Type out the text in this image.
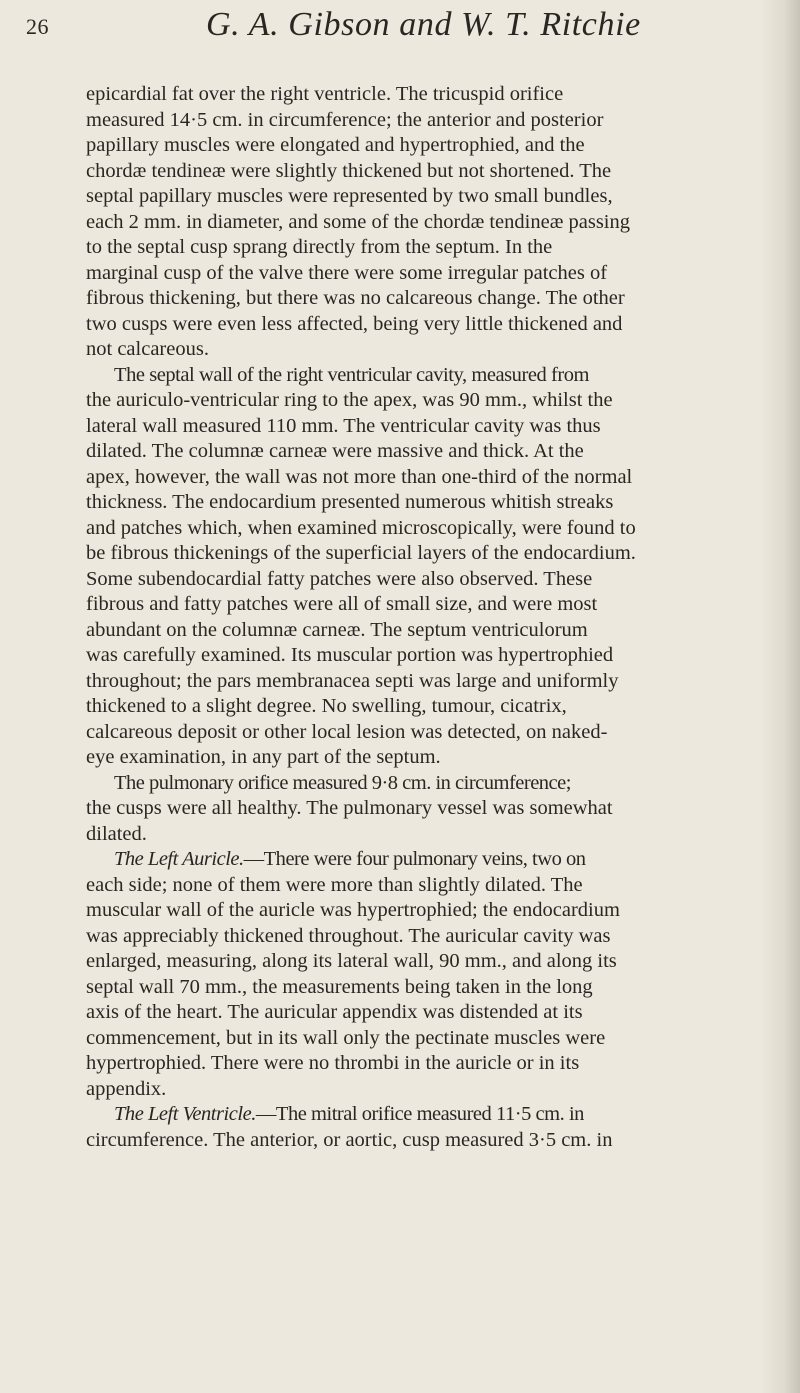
26	G. A. Gibson and W. T. Ritchie
epicardial fat over the right ventricle. The tricuspid orifice
measured 14·5 cm. in circumference; the anterior and posterior
papillary muscles were elongated and hypertrophied, and the
chordæ tendineæ were slightly thickened but not shortened. The
septal papillary muscles were represented by two small bundles,
each 2 mm. in diameter, and some of the chordæ tendineæ passing
to the septal cusp sprang directly from the septum. In the
marginal cusp of the valve there were some irregular patches of
fibrous thickening, but there was no calcareous change. The other
two cusps were even less affected, being very little thickened and
not calcareous.
The septal wall of the right ventricular cavity, measured from
the auriculo-ventricular ring to the apex, was 90 mm., whilst the
lateral wall measured 110 mm. The ventricular cavity was thus
dilated. The columnæ carneæ were massive and thick. At the
apex, however, the wall was not more than one-third of the normal
thickness. The endocardium presented numerous whitish streaks
and patches which, when examined microscopically, were found to
be fibrous thickenings of the superficial layers of the endocardium.
Some subendocardial fatty patches were also observed. These
fibrous and fatty patches were all of small size, and were most
abundant on the columnæ carneæ. The septum ventriculorum
was carefully examined. Its muscular portion was hypertrophied
throughout; the pars membranacea septi was large and uniformly
thickened to a slight degree. No swelling, tumour, cicatrix,
calcareous deposit or other local lesion was detected, on naked-
eye examination, in any part of the septum.
The pulmonary orifice measured 9·8 cm. in circumference;
the cusps were all healthy. The pulmonary vessel was somewhat
dilated.
The Left Auricle.—There were four pulmonary veins, two on
each side; none of them were more than slightly dilated. The
muscular wall of the auricle was hypertrophied; the endocardium
was appreciably thickened throughout. The auricular cavity was
enlarged, measuring, along its lateral wall, 90 mm., and along its
septal wall 70 mm., the measurements being taken in the long
axis of the heart. The auricular appendix was distended at its
commencement, but in its wall only the pectinate muscles were
hypertrophied. There were no thrombi in the auricle or in its
appendix.
The Left Ventricle.—The mitral orifice measured 11·5 cm. in
circumference. The anterior, or aortic, cusp measured 3·5 cm. in
